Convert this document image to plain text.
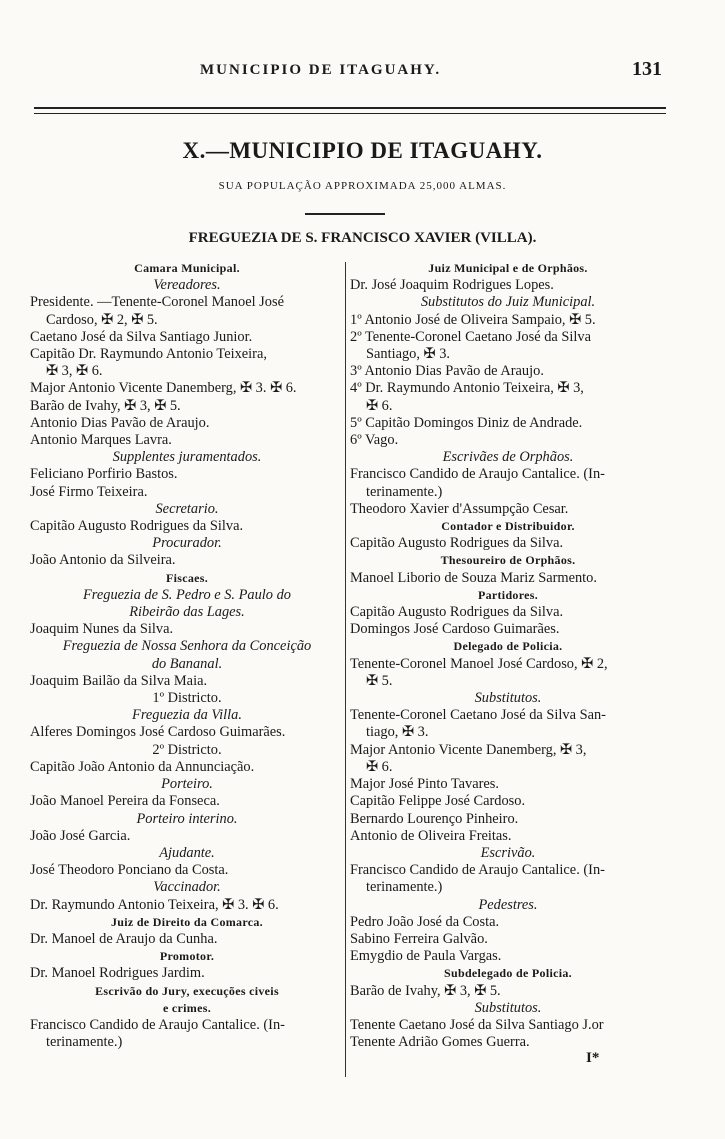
MUNICIPIO DE ITAGUAHY.	131
X.—MUNICIPIO DE ITAGUAHY.
SUA POPULAÇÃO APPROXIMADA 25,000 ALMAS.
FREGUEZIA DE S. FRANCISCO XAVIER (VILLA).
Camara Municipal.
Vereadores.
Presidente. —Tenente-Coronel Manoel José
Cardoso, ✠ 2, ✠ 5.
Caetano José da Silva Santiago Junior.
Capitão Dr. Raymundo Antonio Teixeira,
✠ 3, ✠ 6.
Major Antonio Vicente Danemberg, ✠ 3. ✠ 6.
Barão de Ivahy, ✠ 3, ✠ 5.
Antonio Dias Pavão de Araujo.
Antonio Marques Lavra.
Supplentes juramentados.
Feliciano Porfirio Bastos.
José Firmo Teixeira.
Secretario.
Capitão Augusto Rodrigues da Silva.
Procurador.
João Antonio da Silveira.
Fiscaes.
Freguezia de S. Pedro e S. Paulo do
Ribeirão das Lages.
Joaquim Nunes da Silva.
Freguezia de Nossa Senhora da Conceição
do Bananal.
Joaquim Bailão da Silva Maia.
1º Districto.
Freguezia da Villa.
Alferes Domingos José Cardoso Guimarães.
2º Districto.
Capitão João Antonio da Annunciação.
Porteiro.
João Manoel Pereira da Fonseca.
Porteiro interino.
João José Garcia.
Ajudante.
José Theodoro Ponciano da Costa.
Vaccinador.
Dr. Raymundo Antonio Teixeira, ✠ 3. ✠ 6.
Juiz de Direito da Comarca.
Dr. Manoel de Araujo da Cunha.
Promotor.
Dr. Manoel Rodrigues Jardim.
Escrivão do Jury, execuções civeis
e crimes.
Francisco Candido de Araujo Cantalice. (In-
terinamente.)
Juiz Municipal e de Orphãos.
Dr. José Joaquim Rodrigues Lopes.
Substitutos do Juiz Municipal.
1º Antonio José de Oliveira Sampaio, ✠ 5.
2º Tenente-Coronel Caetano José da Silva
Santiago, ✠ 3.
3º Antonio Dias Pavão de Araujo.
4º Dr. Raymundo Antonio Teixeira, ✠ 3,
✠ 6.
5º Capitão Domingos Diniz de Andrade.
6º Vago.
Escrivães de Orphãos.
Francisco Candido de Araujo Cantalice. (In-
terinamente.)
Theodoro Xavier d'Assumpção Cesar.
Contador e Distribuidor.
Capitão Augusto Rodrigues da Silva.
Thesoureiro de Orphãos.
Manoel Liborio de Souza Mariz Sarmento.
Partidores.
Capitão Augusto Rodrigues da Silva.
Domingos José Cardoso Guimarães.
Delegado de Policia.
Tenente-Coronel Manoel José Cardoso, ✠ 2,
✠ 5.
Substitutos.
Tenente-Coronel Caetano José da Silva San-
tiago, ✠ 3.
Major Antonio Vicente Danemberg, ✠ 3,
✠ 6.
Major José Pinto Tavares.
Capitão Felippe José Cardoso.
Bernardo Lourenço Pinheiro.
Antonio de Oliveira Freitas.
Escrivão.
Francisco Candido de Araujo Cantalice. (In-
terinamente.)
Pedestres.
Pedro João José da Costa.
Sabino Ferreira Galvão.
Emygdio de Paula Vargas.
Subdelegado de Policia.
Barão de Ivahy, ✠ 3, ✠ 5.
Substitutos.
Tenente Caetano José da Silva Santiago J.or
Tenente Adrião Gomes Guerra.
I*
